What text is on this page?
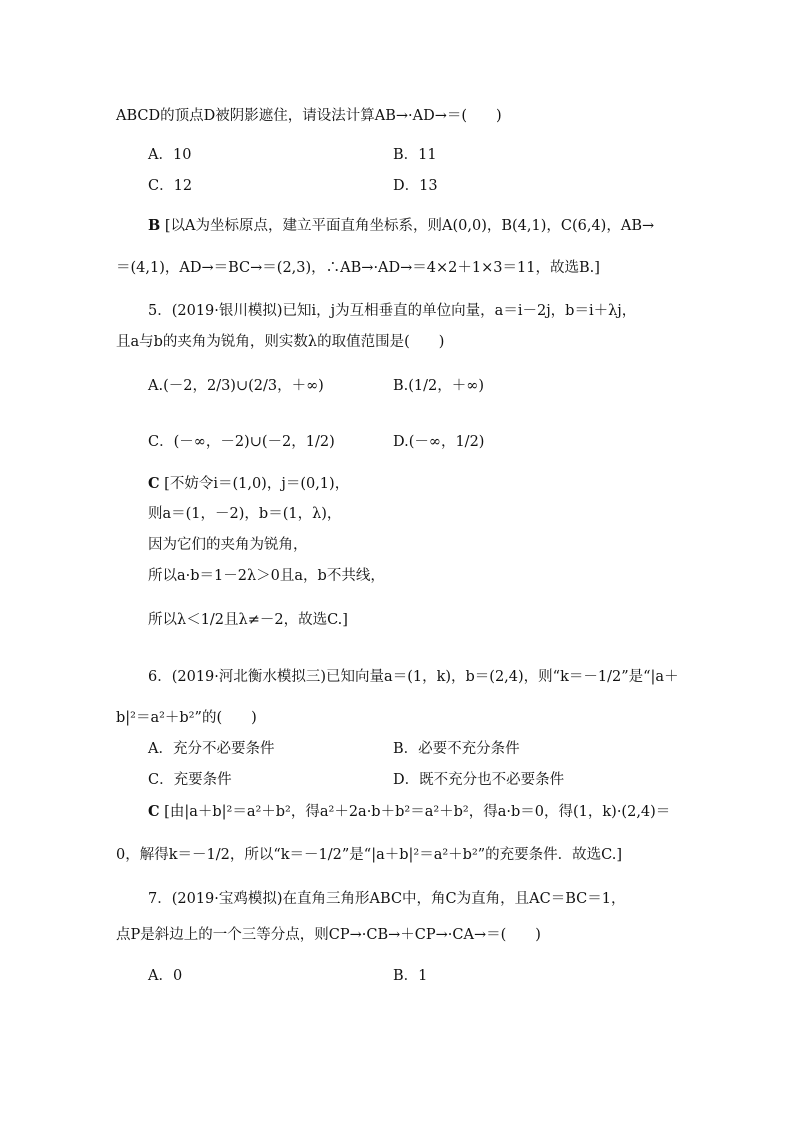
ABCD的顶点D被阴影遮住，请设法计算AB→·AD→＝(　　)
A．10	B．11
C．12	D．13
B [以A为坐标原点，建立平面直角坐标系，则A(0,0)，B(4,1)，C(6,4)，AB→
＝(4,1)，AD→＝BC→＝(2,3)，∴AB→·AD→＝4×2＋1×3＝11，故选B.]
5．(2019·银川模拟)已知i，j为互相垂直的单位向量，a＝i－2j，b＝i＋λj，
且a与b的夹角为锐角，则实数λ的取值范围是(　　)
A.(－2，2/3)∪(2/3，＋∞)	B.(1/2，＋∞)
C．(－∞，－2)∪(－2，1/2)	D.(－∞，1/2)
C [不妨令i＝(1,0)，j＝(0,1)，
则a＝(1，－2)，b＝(1，λ)，
因为它们的夹角为锐角，
所以a·b＝1－2λ＞0且a，b不共线，
所以λ＜1/2且λ≠－2，故选C.]
6．(2019·河北衡水模拟三)已知向量a＝(1，k)，b＝(2,4)，则“k＝－1/2”是“|a＋
b|²＝a²＋b²”的(　　)
A．充分不必要条件	B．必要不充分条件
C．充要条件	D．既不充分也不必要条件
C [由|a＋b|²＝a²＋b²，得a²＋2a·b＋b²＝a²＋b²，得a·b＝0，得(1，k)·(2,4)＝
0，解得k＝－1/2，所以“k＝－1/2”是“|a＋b|²＝a²＋b²”的充要条件．故选C.]
7．(2019·宝鸡模拟)在直角三角形ABC中，角C为直角，且AC＝BC＝1，
点P是斜边上的一个三等分点，则CP→·CB→＋CP→·CA→＝(　　)
A．0	B．1
